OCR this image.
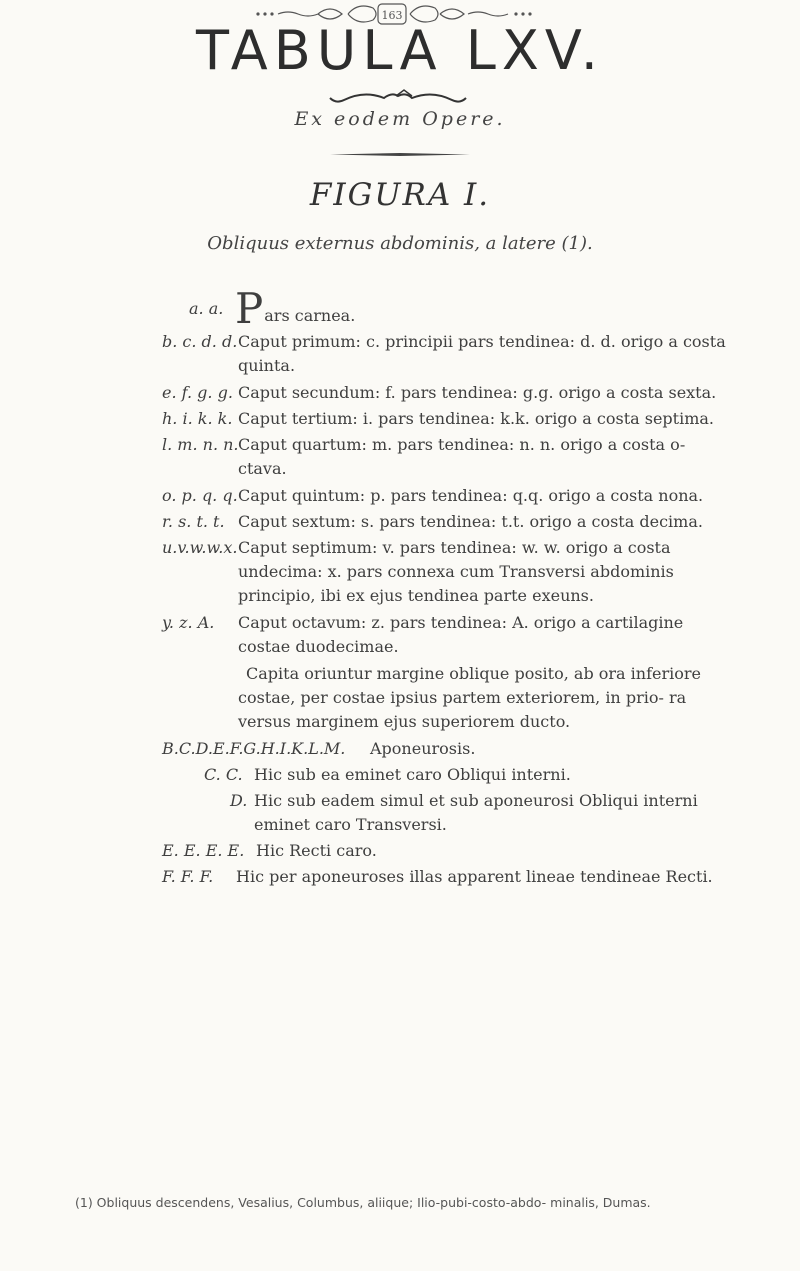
163
TABULA LXV.
Ex eodem Opere.
FIGURA I.
Obliquus externus abdominis, a latere (1).
a. a. Pars carnea.
b. c. d. d. Caput primum: c. principii pars tendinea: d. d. origo a costa quinta.
e. f. g. g. Caput secundum: f. pars tendinea: g.g. origo a costa sexta.
h. i. k. k. Caput tertium: i. pars tendinea: k.k. origo a costa septima.
l. m. n. n. Caput quartum: m. pars tendinea: n. n. origo a costa o- ctava.
o. p. q. q. Caput quintum: p. pars tendinea: q.q. origo a costa nona.
r. s. t. t. Caput sextum: s. pars tendinea: t.t. origo a costa decima.
u.v.w.w.x. Caput septimum: v. pars tendinea: w. w. origo a costa undecima: x. pars connexa cum Transversi abdominis principio, ibi ex ejus tendinea parte exeuns.
y. z. A. Caput octavum: z. pars tendinea: A. origo a cartilagine costae duodecimae.
Capita oriuntur margine oblique posito, ab ora inferiore costae, per costae ipsius partem exteriorem, in prio- ra versus marginem ejus superiorem ducto.
B.C.D.E.F.G.H.I.K.L.M. Aponeurosis.
C. C. Hic sub ea eminet caro Obliqui interni.
D. Hic sub eadem simul et sub aponeurosi Obliqui interni eminet caro Transversi.
E. E. E. E. Hic Recti caro.
F. F. F. Hic per aponeuroses illas apparent lineae tendineae Recti.
(1) Obliquus descendens, Vesalius, Columbus, aliique; Ilio-pubi-costo-abdo- minalis, Dumas.
